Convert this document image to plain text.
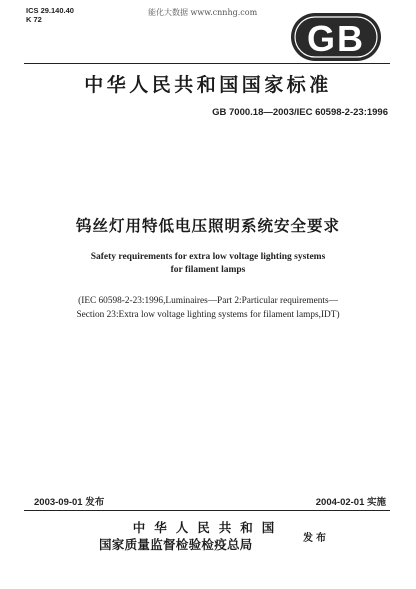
ICS 29.140.40
K 72
能化大数据 www.cnnhg.com
GB
中华人民共和国国家标准
GB 7000.18—2003/IEC 60598-2-23:1996
钨丝灯用特低电压照明系统安全要求
Safety requirements for extra low voltage lighting systems
for filament lamps
(IEC 60598-2-23:1996,Luminaires—Part 2:Particular requirements—
Section 23:Extra low voltage lighting systems for filament lamps,IDT)
2003-09-01 发布	2004-02-01 实施
中华人民共和国
国家质量监督检验检疫总局	发布
